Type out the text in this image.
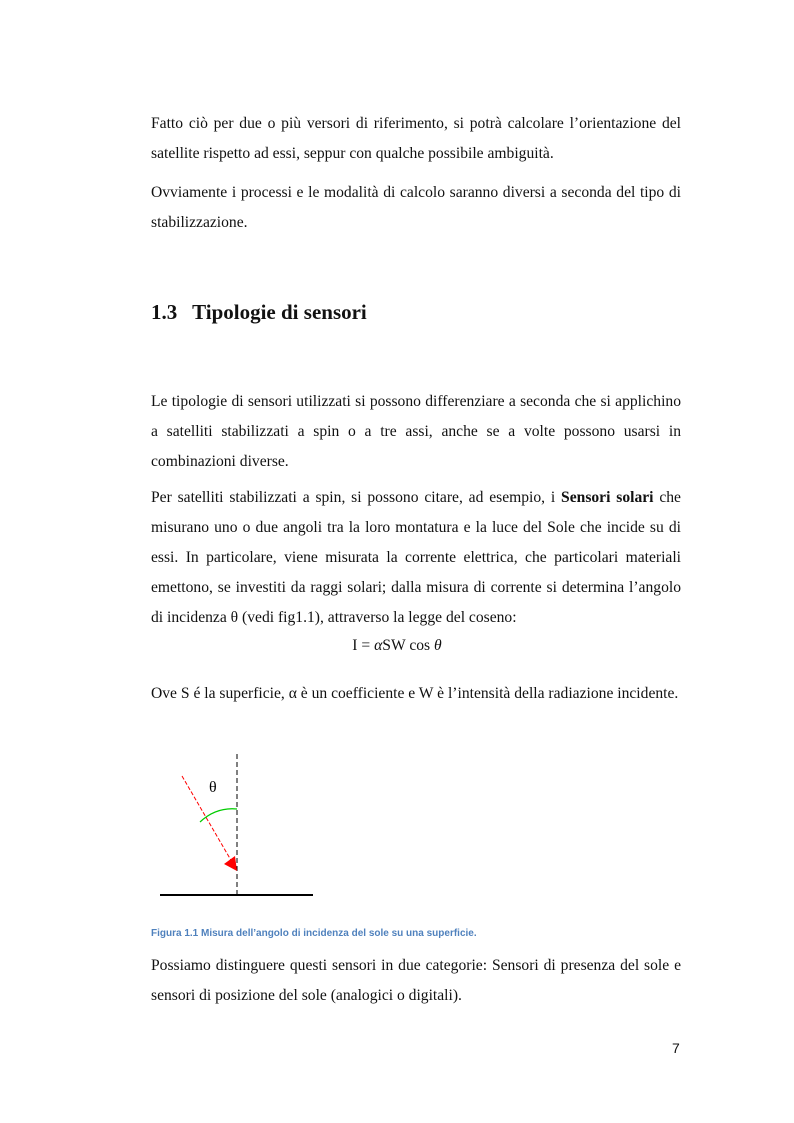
Fatto ciò per due o più versori di riferimento, si potrà calcolare l’orientazione del satellite rispetto ad essi, seppur con qualche possibile ambiguità.

Ovviamente i processi e le modalità di calcolo saranno diversi a seconda del tipo di stabilizzazione.

1.3 Tipologie di sensori

Le tipologie di sensori utilizzati si possono differenziare a seconda che si applichino a satelliti stabilizzati a spin o a tre assi, anche se a volte possono usarsi in combinazioni diverse.

Per satelliti stabilizzati a spin, si possono citare, ad esempio, i Sensori solari che misurano uno o due angoli tra la loro montatura e la luce del Sole che incide su di essi. In particolare, viene misurata la corrente elettrica, che particolari materiali emettono, se investiti da raggi solari; dalla misura di corrente si determina l’angolo di incidenza θ (vedi fig1.1), attraverso la legge del coseno:

I = αSW cos θ

Ove S é la superficie, α è un coefficiente e W è l’intensità della radiazione incidente.

θ
Figura 1.1 Misura dell’angolo di incidenza del sole su una superficie.

Possiamo distinguere questi sensori in due categorie: Sensori di presenza del sole e sensori di posizione del sole (analogici o digitali).

7
